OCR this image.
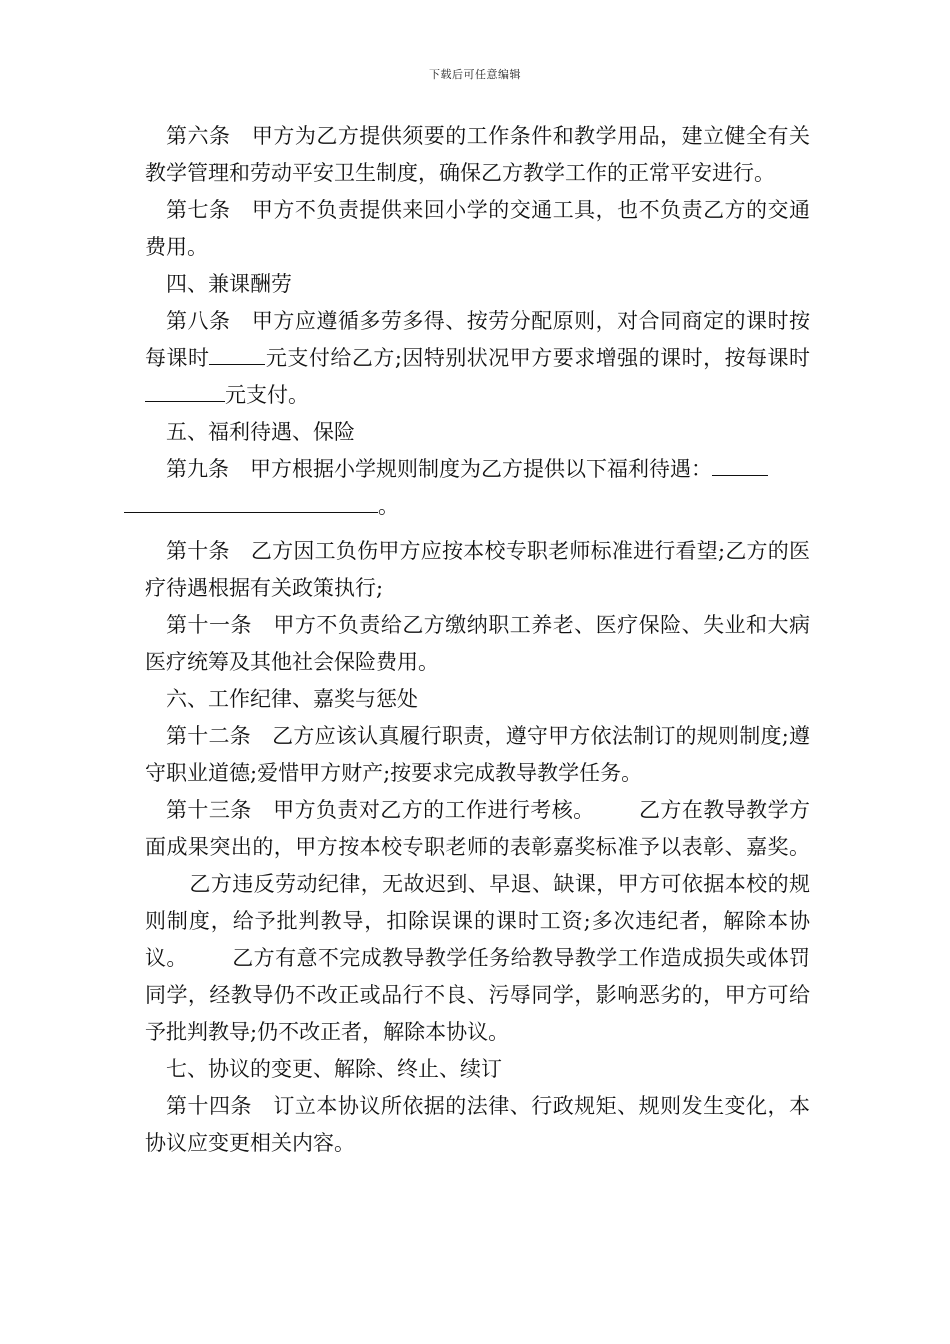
下载后可任意编辑

第六条 甲方为乙方提供须要的工作条件和教学用品，建立健全有关教学管理和劳动平安卫生制度，确保乙方教学工作的正常平安进行。

第七条 甲方不负责提供来回小学的交通工具，也不负责乙方的交通费用。

四、兼课酬劳

第八条 甲方应遵循多劳多得、按劳分配原则，对合同商定的课时按每课时	元支付给乙方;因特别状况甲方要求增强的课时，按每课时元支付。

五、福利待遇、保险

第九条 甲方根据小学规则制度为乙方提供以下福利待遇：
。

第十条 乙方因工负伤甲方应按本校专职老师标准进行看望;乙方的医疗待遇根据有关政策执行;

第十一条 甲方不负责给乙方缴纳职工养老、医疗保险、失业和大病医疗统筹及其他社会保险费用。

六、工作纪律、嘉奖与惩处

第十二条 乙方应该认真履行职责，遵守甲方依法制订的规则制度;遵守职业道德;爱惜甲方财产;按要求完成教导教学任务。

第十三条 甲方负责对乙方的工作进行考核。 乙方在教导教学方面成果突出的，甲方按本校专职老师的表彰嘉奖标准予以表彰、嘉奖。乙方违反劳动纪律，无故迟到、早退、缺课，甲方可依据本校的规则制度，给予批判教导，扣除误课的课时工资;多次违纪者，解除本协议。 乙方有意不完成教导教学任务给教导教学工作造成损失或体罚同学，经教导仍不改正或品行不良、污辱同学，影响恶劣的，甲方可给予批判教导;仍不改正者，解除本协议。

七、协议的变更、解除、终止、续订

第十四条 订立本协议所依据的法律、行政规矩、规则发生变化，本协议应变更相关内容。
